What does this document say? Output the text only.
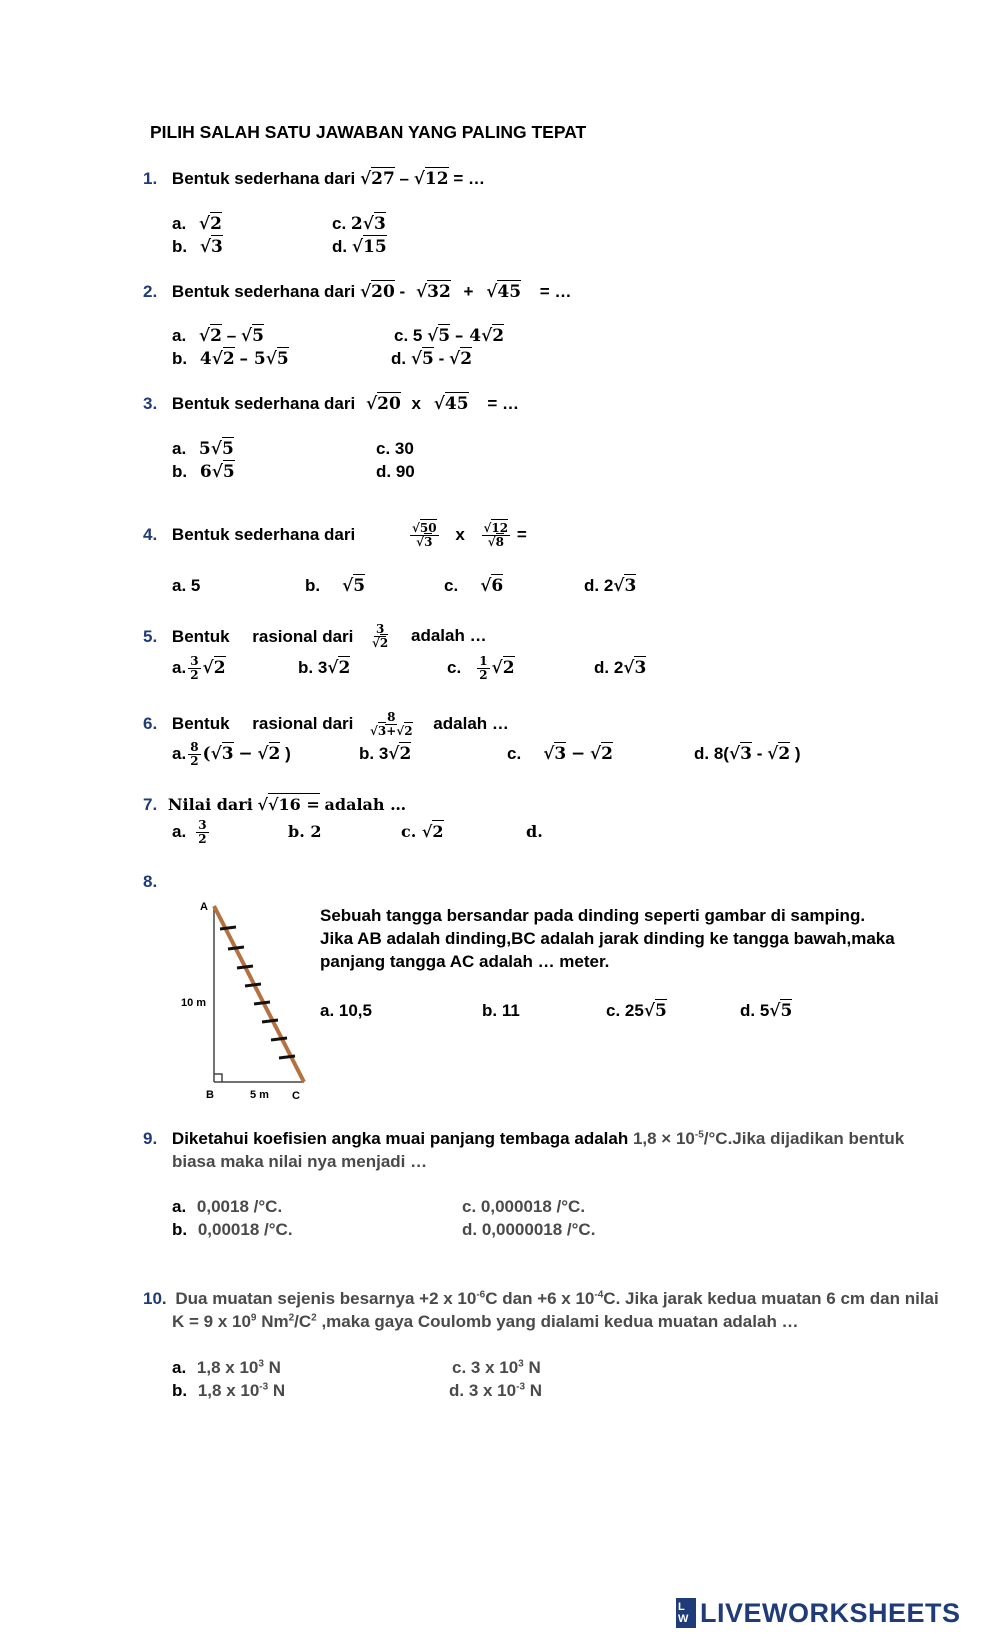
PILIH SALAH SATU JAWABAN YANG PALING TEPAT
1. Bentuk sederhana dari √27 – √12 = …
a. √2
b. √3
c. 2√3
d. √15
2. Bentuk sederhana dari √20 - √32 + √45 = …
a. √2 – √5
b. 4√2 – 5√5
c. 5 √5 – 4√2
d. √5 - √2
3. Bentuk sederhana dari √20 x √45 = …
a. 5√5
b. 6√5
c. 30
d. 90
4. Bentuk sederhana dari	$\frac{√50}{√3}$ x $\frac{√12}{√8}$ =
a. 5	b. √5	c. √6	d. 2√3
5. Bentuk rasional dari $\frac{3}{√2}$ adalah …
a. $\frac{3}{2} √2$	b. 3√2	c. $\frac{1}{2} √2$	d. 2√3
6. Bentuk rasional dari $\frac{8}{√3+√2}$ adalah …
a. $\frac{8}{2} (√3 - √2$ )	b. 3√2	c. √3 − √2	d. 8(√3 - √2 )
7. Nilai dari √√16 = adalah …
a. $\frac{3}{2}$	b. 2	c. √2	d.
8.
A
10 m
B	5 m C
Sebuah tangga bersandar pada dinding seperti gambar di samping.
Jika AB adalah dinding,BC adalah jarak dinding ke tangga bawah,maka
panjang tangga AC adalah … meter.
a. 10,5	b. 11	c. 25√5	d. 5√5
9. Diketahui koefisien angka muai panjang tembaga adalah $1,8 \times 10^{-5}/^\circ C.Jika$ dijadikan bentuk
biasa maka nilai nya menjadi …
a. 0,0018 /°C.
b. 0,00018 /°C.
c. 0,000018 /°C.
d. 0,0000018 /°C.
10. Dua muatan sejenis besarnya +2 x $10^{-6}C$ dan +6 x $10^{-4}C$. Jika jarak kedua muatan 6 cm dan nilai
K = 9 x $10^9$ $Nm^2/C^2$ ,maka gaya Coulomb yang dialami kedua muatan adalah …
a. 1,8 x $10^3$ N
b. 1,8 x $10^{-3}$ N
c. 3 x $10^3$ N
d. 3 x $10^{-3}$ N
LW LIVEWORKSHEETS
